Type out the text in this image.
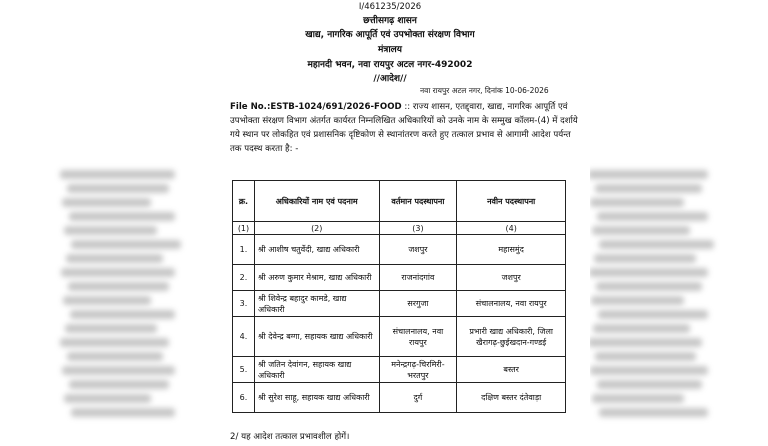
I/461235/2026
छत्तीसगढ़ शासन
खाद्य, नागरिक आपूर्ति एवं उपभोक्ता संरक्षण विभाग
मंत्रालय
महानदी भवन, नवा रायपुर अटल नगर-492002
//आदेश//
नवा रायपुर अटल नगर, दिनांक 10-06-2026
File No.:ESTB-1024/691/2026-FOOD :: राज्य शासन, एतद्द्वारा, खाद्य, नागरिक आपूर्ति एवं उपभोक्ता संरक्षण विभाग अंतर्गत कार्यरत निम्नलिखित अधिकारियों को उनके नाम के सम्मुख कॉलम-(4) में दर्शाये गये स्थान पर लोकहित एवं प्रशासनिक दृष्टिकोण से स्थानांतरण करते हुए तत्काल प्रभाव से आगामी आदेश पर्यन्त तक पदस्थ करता है: -
क्र.	अधिकारियों नाम एवं पदनाम	वर्तमान पदस्थापना	नवीन पदस्थापना
(1)	(2)	(3)	(4)
1.	श्री आशीष चतुर्वेदी, खाद्य अधिकारी	जशपुर	महासमुंद
2.	श्री अरुण कुमार मेश्राम, खाद्य अधिकारी	राजनांदगांव	जशपुर
3.	श्री शिवेन्द्र बहादुर कामडे, खाद्य अधिकारी	सरगुजा	संचालनालय, नवा रायपुर
4.	श्री देवेन्द्र बग्गा, सहायक खाद्य अधिकारी	संचालनालय, नवा रायपुर	प्रभारी खाद्य अधिकारी, जिला खैरागढ़-छुईखदान-गण्डई
5.	श्री जतिन देवांगन, सहायक खाद्य अधिकारी	मनेन्द्रगढ़-चिरमिरी-भरतपुर	बस्तर
6.	श्री सुरेश साहू, सहायक खाद्य अधिकारी	दुर्ग	दक्षिण बस्तर दंतेवाड़ा
2/ यह आदेश तत्काल प्रभावशील होगें।
